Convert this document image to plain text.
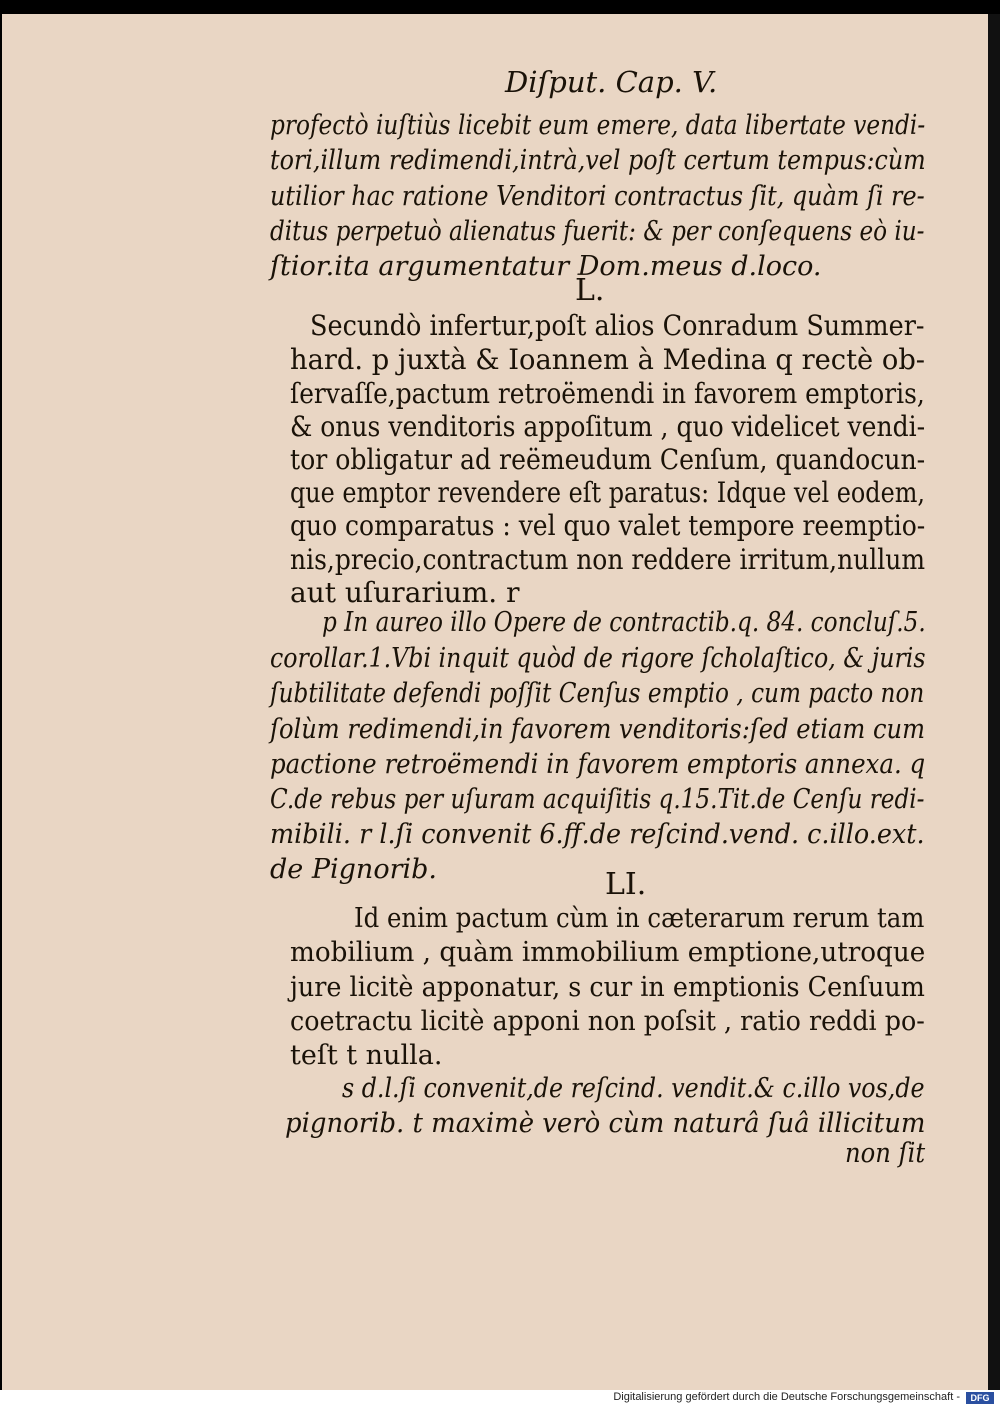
Diſput. Cap. V.
profectò iuſtiùs licebit eum emere, data libertate vendi-
tori,illum redimendi,intrà,vel poſt certum tempus:cùm
utilior hac ratione Venditori contractus ſit, quàm ſi re-
ditus perpetuò alienatus fuerit: & per conſequens eò iu-
ſtior.ita argumentatur Dom.meus d.loco.
L.
Secundò infertur,poſt alios Conradum Summer-
hard. p juxtà & Ioannem à Medina q rectè ob-
ſervaſſe,pactum retroëmendi in favorem emptoris,
& onus venditoris appoſitum , quo videlicet vendi-
tor obligatur ad reëmeudum Cenſum, quandocun-
que emptor revendere eſt paratus: Idque vel eodem,
quo comparatus : vel quo valet tempore reemptio-
nis,precio,contractum non reddere irritum,nullum
aut uſurarium. r
p In aureo illo Opere de contractib.q. 84. concluſ.5.
corollar.1.Vbi inquit quòd de rigore ſcholaſtico, & juris
ſubtilitate defendi poſſit Cenſus emptio , cum pacto non
ſolùm redimendi,in favorem venditoris:ſed etiam cum
pactione retroëmendi in favorem emptoris annexa. q
C.de rebus per uſuram acquiſitis q.15.Tit.de Cenſu redi-
mibili. r l.ſi convenit 6.ff.de reſcind.vend. c.illo.ext.
de Pignorib.	LI.
Id enim pactum cùm in cæterarum rerum tam
mobilium , quàm immobilium emptione,utroque
jure licitè apponatur, s cur in emptionis Cenſuum
coetractu licitè apponi non poſsit , ratio reddi po-
teſt t nulla.
s d.l.ſi convenit,de reſcind. vendit.& c.illo vos,de
pignorib. t maximè verò cùm naturâ ſuâ illicitum
non ſit
Digitalisierung gefördert durch die Deutsche Forschungsgemeinschaft -	DFG
